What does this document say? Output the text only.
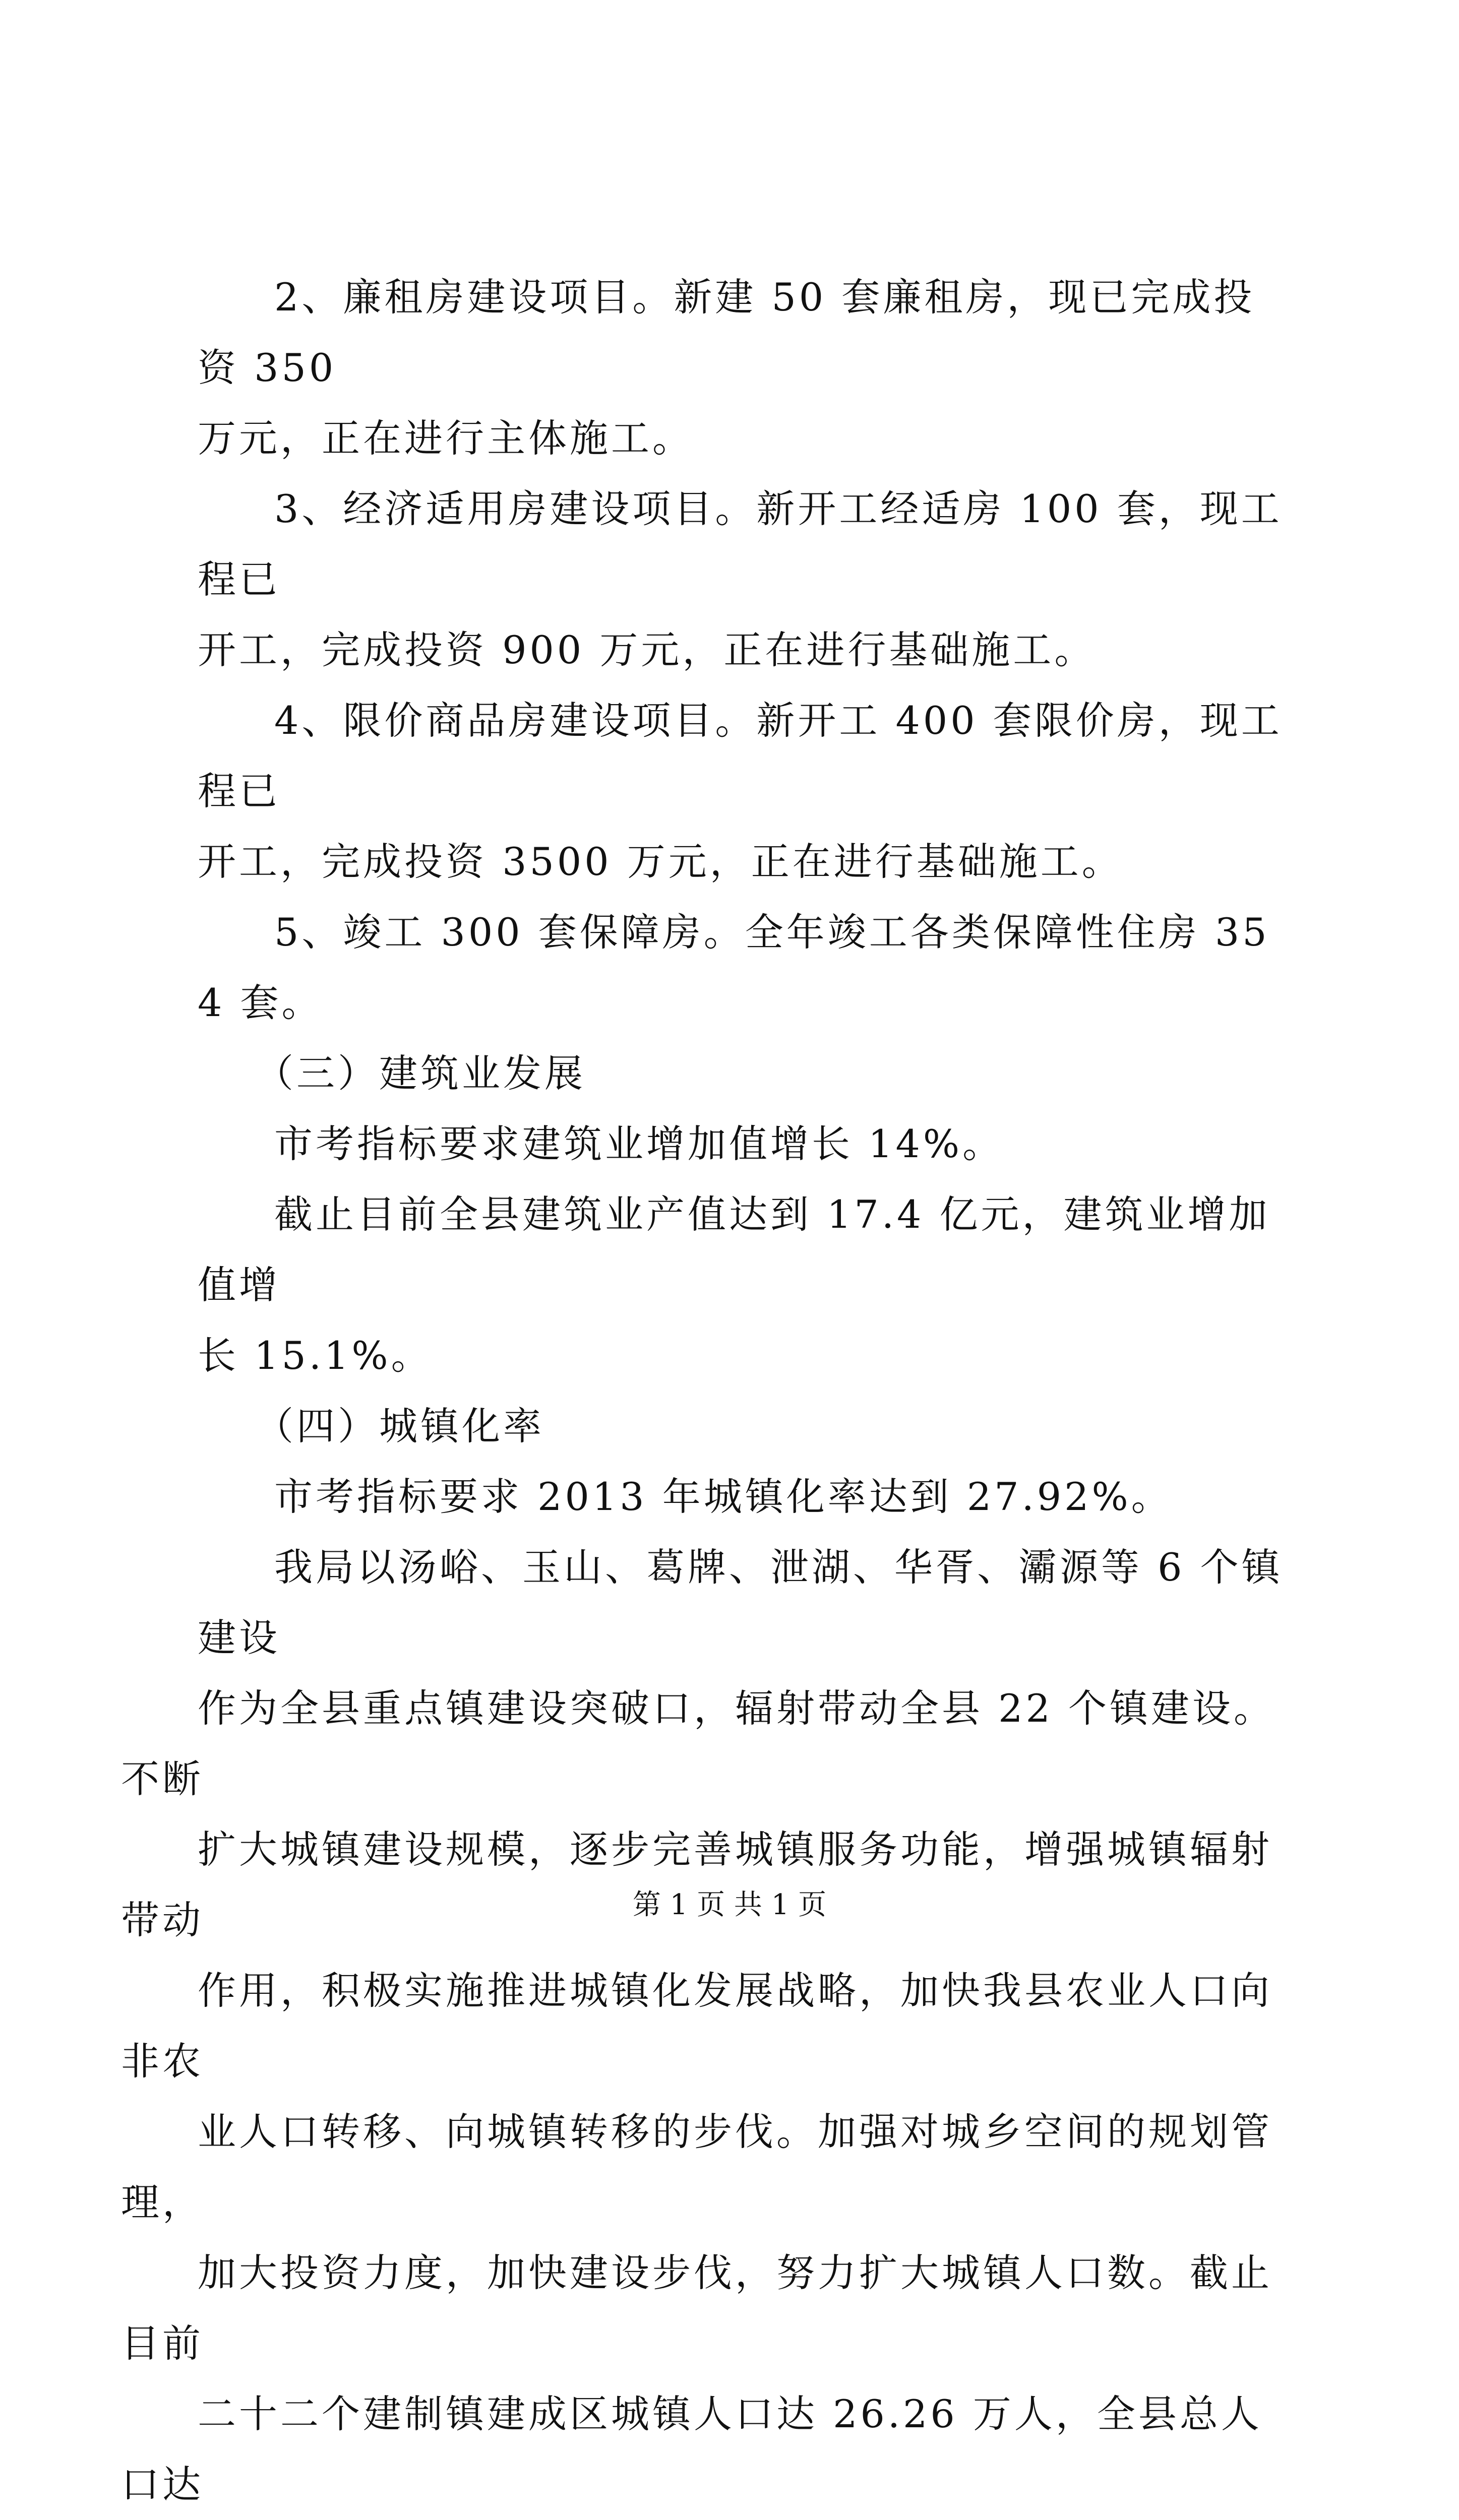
2、廉租房建设项目。新建 50 套廉租房，现已完成投资 350
万元，正在进行主体施工。

3、经济适用房建设项目。新开工经适房 100 套，现工程已
开工，完成投资 900 万元，正在进行基础施工。

4、限价商品房建设项目。新开工 400 套限价房，现工程已
开工，完成投资 3500 万元，正在进行基础施工。

5、竣工 300 套保障房。全年竣工各类保障性住房 354 套。

（三）建筑业发展

市考指标要求建筑业增加值增长 14%。

截止目前全县建筑业产值达到 17.4 亿元，建筑业增加值增
长 15.1%。

（四）城镇化率

市考指标要求 2013 年城镇化率达到 27.92%。

我局以汤峪、玉山、葛牌、泄湖、华胥、灞源等 6 个镇建设
作为全县重点镇建设突破口，辐射带动全县 22 个镇建设。不断
扩大城镇建设规模，逐步完善城镇服务功能，增强城镇辐射带动
作用，积极实施推进城镇化发展战略，加快我县农业人口向非农
业人口转移、向城镇转移的步伐。加强对城乡空间的规划管理，
加大投资力度，加快建设步伐，努力扩大城镇人口数。截止目前
二十二个建制镇建成区城镇人口达 26.26 万人，全县总人口达

第 1 页 共 1 页
